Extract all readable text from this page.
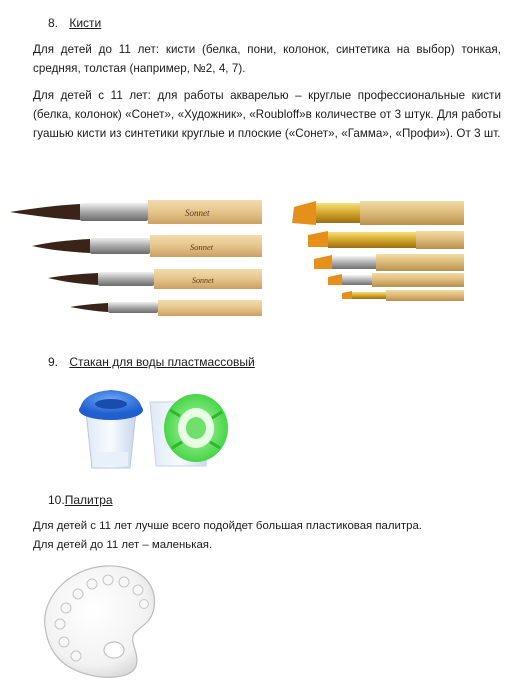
8. Кисти
Для детей до 11 лет: кисти (белка, пони, колонок, синтетика на выбор) тонкая, средняя, толстая (например, №2, 4, 7).
Для детей с 11 лет: для работы акварелью – круглые профессиональные кисти (белка, колонок) «Сонет», «Художник», «Roubloff»в количестве от 3 штук. Для работы гуашью кисти из синтетики круглые и плоские («Сонет», «Гамма», «Профи»). От 3 шт.
Sonnet
Sonnet
Sonnet
9. Стакан для воды пластмассовый
10.Палитра
Для детей с 11 лет лучше всего подойдет большая пластиковая палитра.
Для детей до 11 лет – маленькая.
